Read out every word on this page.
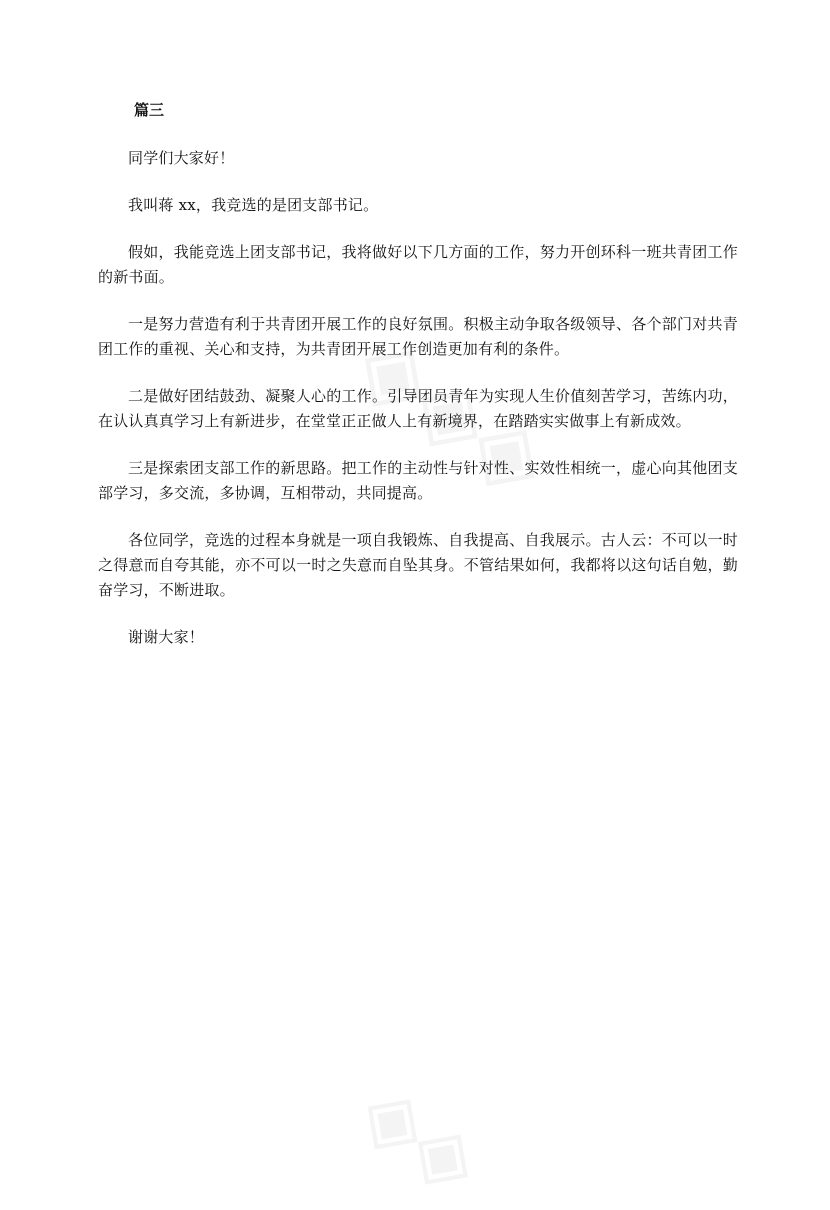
篇三

同学们大家好！

我叫蒋 xx，我竞选的是团支部书记。

假如，我能竞选上团支部书记，我将做好以下几方面的工作，努力开创环科一班共青团工作的新书面。

一是努力营造有利于共青团开展工作的良好氛围。积极主动争取各级领导、各个部门对共青团工作的重视、关心和支持，为共青团开展工作创造更加有利的条件。

二是做好团结鼓劲、凝聚人心的工作。引导团员青年为实现人生价值刻苦学习，苦练内功，在认认真真学习上有新进步，在堂堂正正做人上有新境界，在踏踏实实做事上有新成效。

三是探索团支部工作的新思路。把工作的主动性与针对性、实效性相统一，虚心向其他团支部学习，多交流，多协调，互相带动，共同提高。

各位同学，竞选的过程本身就是一项自我锻炼、自我提高、自我展示。古人云：不可以一时之得意而自夸其能，亦不可以一时之失意而自坠其身。不管结果如何，我都将以这句话自勉，勤奋学习，不断进取。

谢谢大家！
